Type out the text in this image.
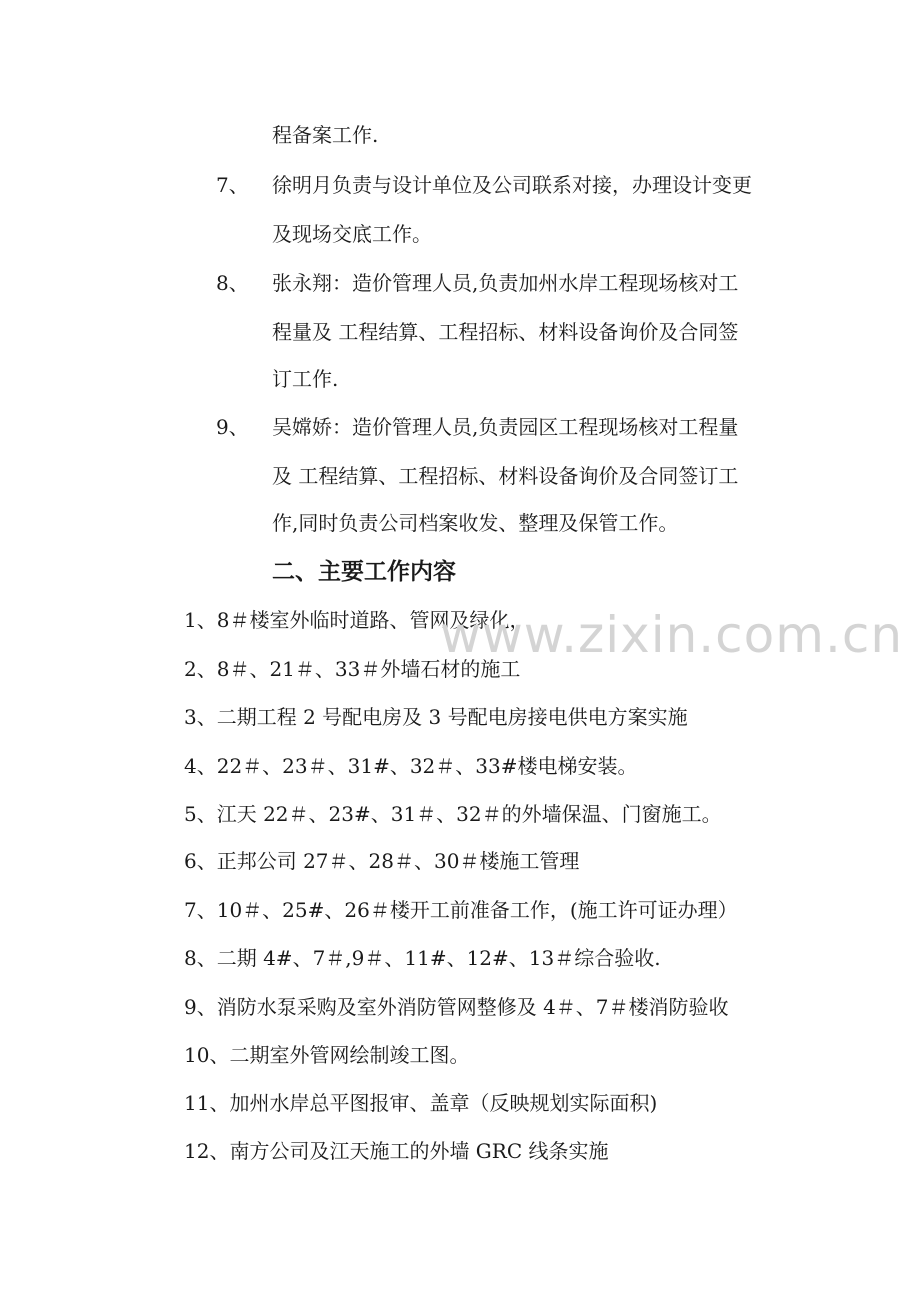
程备案工作.
7、 徐明月负责与设计单位及公司联系对接，办理设计变更
及现场交底工作。
8、 张永翔：造价管理人员,负责加州水岸工程现场核对工
程量及 工程结算、工程招标、材料设备询价及合同签
订工作.
9、 吴嫦娇：造价管理人员,负责园区工程现场核对工程量
及 工程结算、工程招标、材料设备询价及合同签订工
作,同时负责公司档案收发、整理及保管工作。
二、主要工作内容
1、8＃楼室外临时道路、管网及绿化，
2、8＃、21＃、33＃外墙石材的施工
3、二期工程 2 号配电房及 3 号配电房接电供电方案实施
4、22＃、23＃、31#、32＃、33#楼电梯安装。
5、江天 22＃、23#、31＃、32＃的外墙保温、门窗施工。
6、正邦公司 27＃、28＃、30＃楼施工管理
7、10＃、25#、26＃楼开工前准备工作，(施工许可证办理）
8、二期 4#、7＃,9＃、11#、12#、13＃综合验收.
9、消防水泵采购及室外消防管网整修及 4＃、7＃楼消防验收
10、二期室外管网绘制竣工图。
11、加州水岸总平图报审、盖章（反映规划实际面积)
12、南方公司及江天施工的外墙 GRC 线条实施
www.zixin.com.cn
